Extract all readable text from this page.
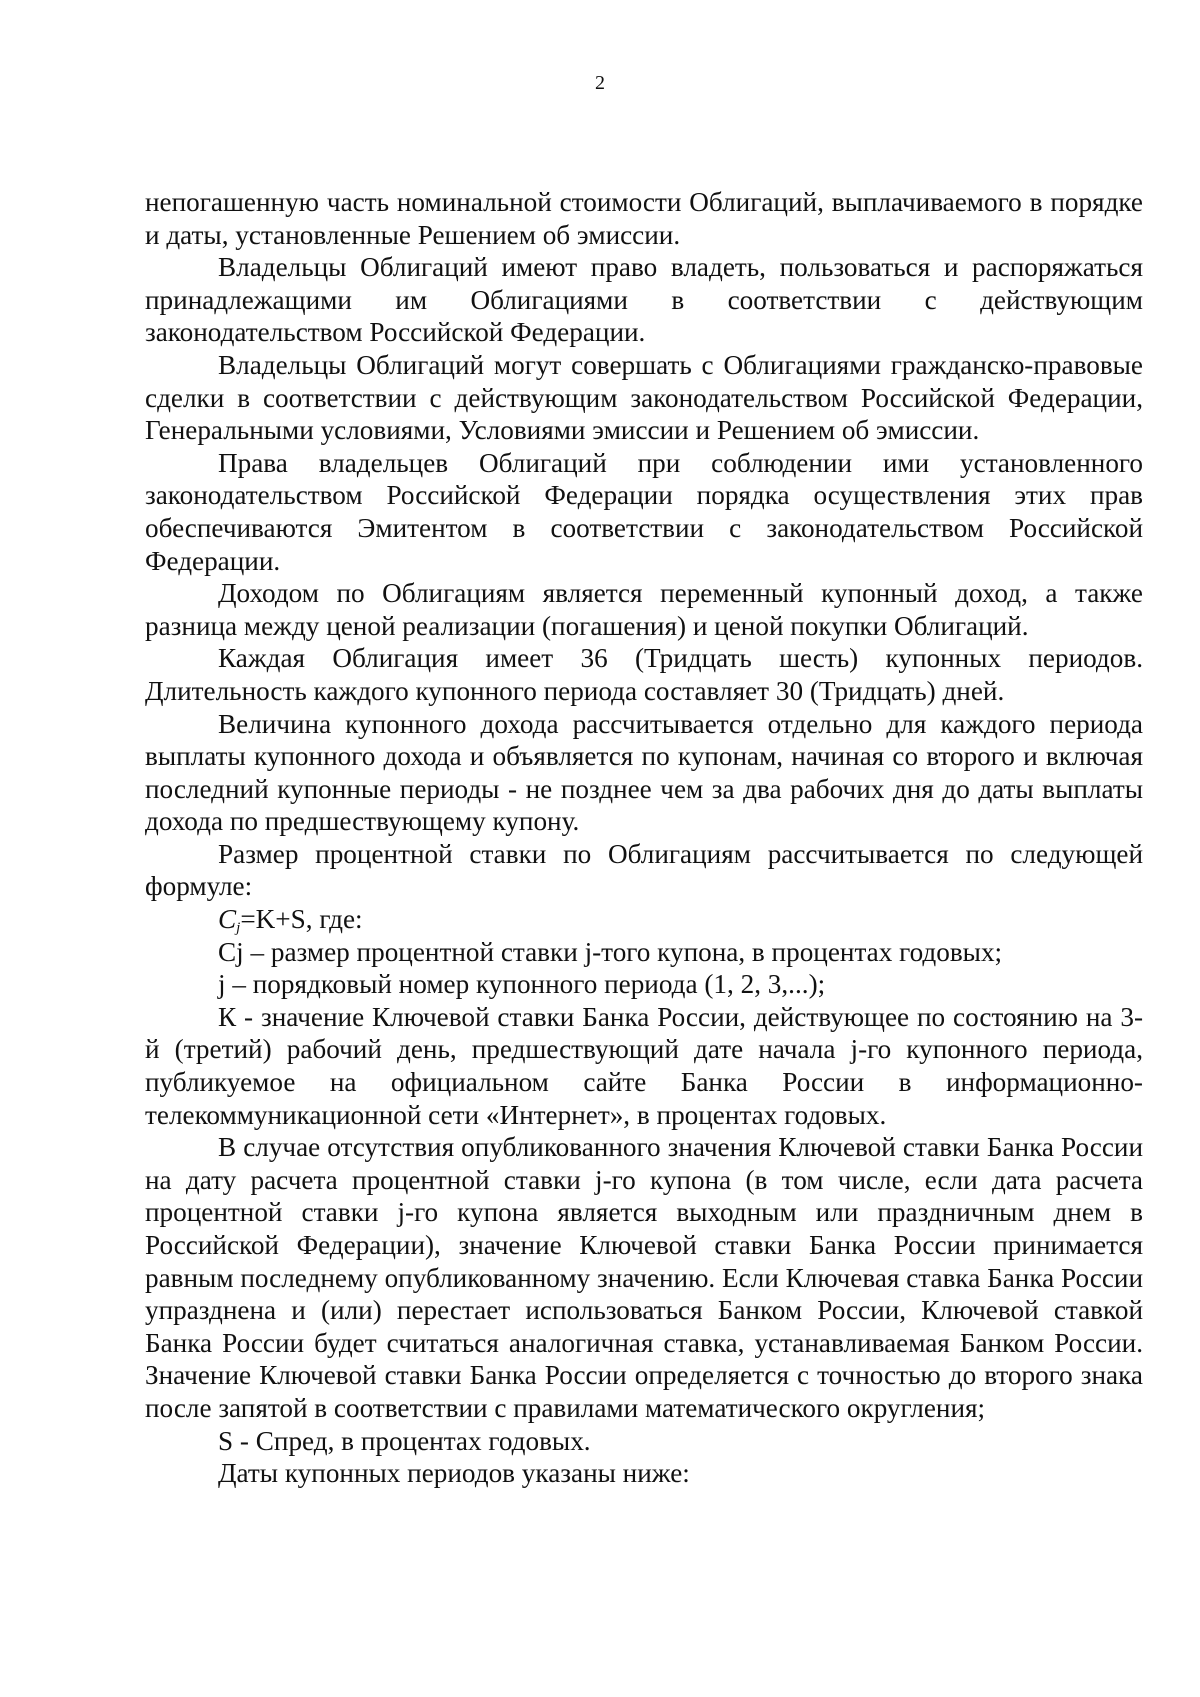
2

непогашенную часть номинальной стоимости Облигаций, выплачиваемого в порядке и даты, установленные Решением об эмиссии.

Владельцы Облигаций имеют право владеть, пользоваться и распоряжаться принадлежащими им Облигациями в соответствии с действующим законодательством Российской Федерации.

Владельцы Облигаций могут совершать с Облигациями гражданско-правовые сделки в соответствии с действующим законодательством Российской Федерации, Генеральными условиями, Условиями эмиссии и Решением об эмиссии.

Права владельцев Облигаций при соблюдении ими установленного законодательством Российской Федерации порядка осуществления этих прав обеспечиваются Эмитентом в соответствии с законодательством Российской Федерации.

Доходом по Облигациям является переменный купонный доход, а также разница между ценой реализации (погашения) и ценой покупки Облигаций.

Каждая Облигация имеет 36 (Тридцать шесть) купонных периодов. Длительность каждого купонного периода составляет 30 (Тридцать) дней.

Величина купонного дохода рассчитывается отдельно для каждого периода выплаты купонного дохода и объявляется по купонам, начиная со второго и включая последний купонные периоды - не позднее чем за два рабочих дня до даты выплаты дохода по предшествующему купону.

Размер процентной ставки по Облигациям рассчитывается по следующей формуле:

$C_j=K+S$, где:

Cj – размер процентной ставки j-того купона, в процентах годовых;

j – порядковый номер купонного периода (1, 2, 3,...);

К - значение Ключевой ставки Банка России, действующее по состоянию на 3-й (третий) рабочий день, предшествующий дате начала j-го купонного периода, публикуемое на официальном сайте Банка России в информационно-телекоммуникационной сети «Интернет», в процентах годовых.

В случае отсутствия опубликованного значения Ключевой ставки Банка России на дату расчета процентной ставки j-го купона (в том числе, если дата расчета процентной ставки j-го купона является выходным или праздничным днем в Российской Федерации), значение Ключевой ставки Банка России принимается равным последнему опубликованному значению. Если Ключевая ставка Банка России упразднена и (или) перестает использоваться Банком России, Ключевой ставкой Банка России будет считаться аналогичная ставка, устанавливаемая Банком России. Значение Ключевой ставки Банка России определяется с точностью до второго знака после запятой в соответствии с правилами математического округления;

S - Спред, в процентах годовых.

Даты купонных периодов указаны ниже:
